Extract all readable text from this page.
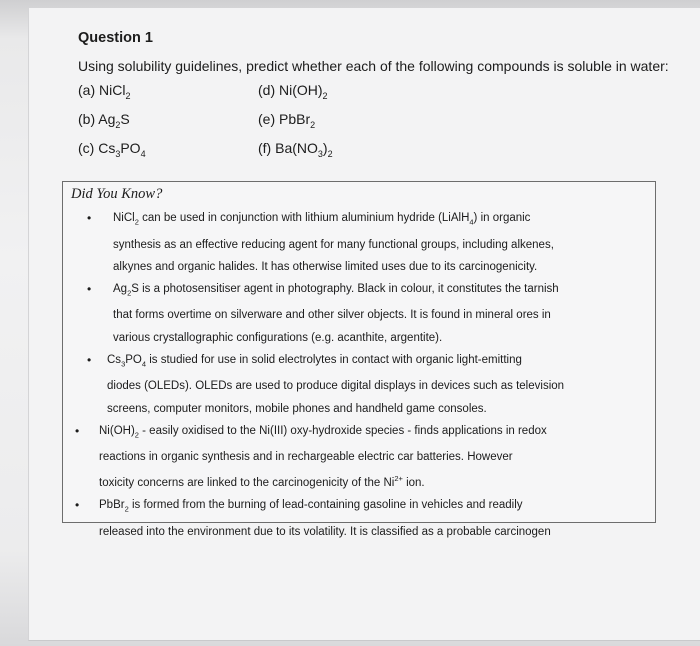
Question 1

Using solubility guidelines, predict whether each of the following compounds is soluble in water:

(a) NiCl$_2$	(d) $Ni(OH)_2$
(b) $Ag_2S$	(e) PbBr$_2$
(c) $Cs_3PO_4$	(f) $Ba(NO_3)_2$
Did You Know?
• NiCl$_2$ can be used in conjunction with lithium aluminium hydride (LiAlH$_4$) in organic
synthesis as an effective reducing agent for many functional groups, including alkenes,
alkynes and organic halides. It has otherwise limited uses due to its carcinogenicity.
• $Ag_2S$ is a photosensitiser agent in photography. Black in colour, it constitutes the tarnish
that forms overtime on silverware and other silver objects. It is found in mineral ores in
various crystallographic configurations (e.g. acanthite, argentite).
• $Cs_3PO_4$ is studied for use in solid electrolytes in contact with organic light-emitting
diodes (OLEDs). OLEDs are used to produce digital displays in devices such as television
screens, computer monitors, mobile phones and handheld game consoles.
• $Ni(OH)_2$ - easily oxidised to the Ni(III) oxy-hydroxide species - finds applications in redox
reactions in organic synthesis and in rechargeable electric car batteries. However
toxicity concerns are linked to the carcinogenicity of the $Ni^{2+}$ ion.
• PbBr$_2$ is formed from the burning of lead-containing gasoline in vehicles and readily
released into the environment due to its volatility. It is classified as a probable carcinogen
